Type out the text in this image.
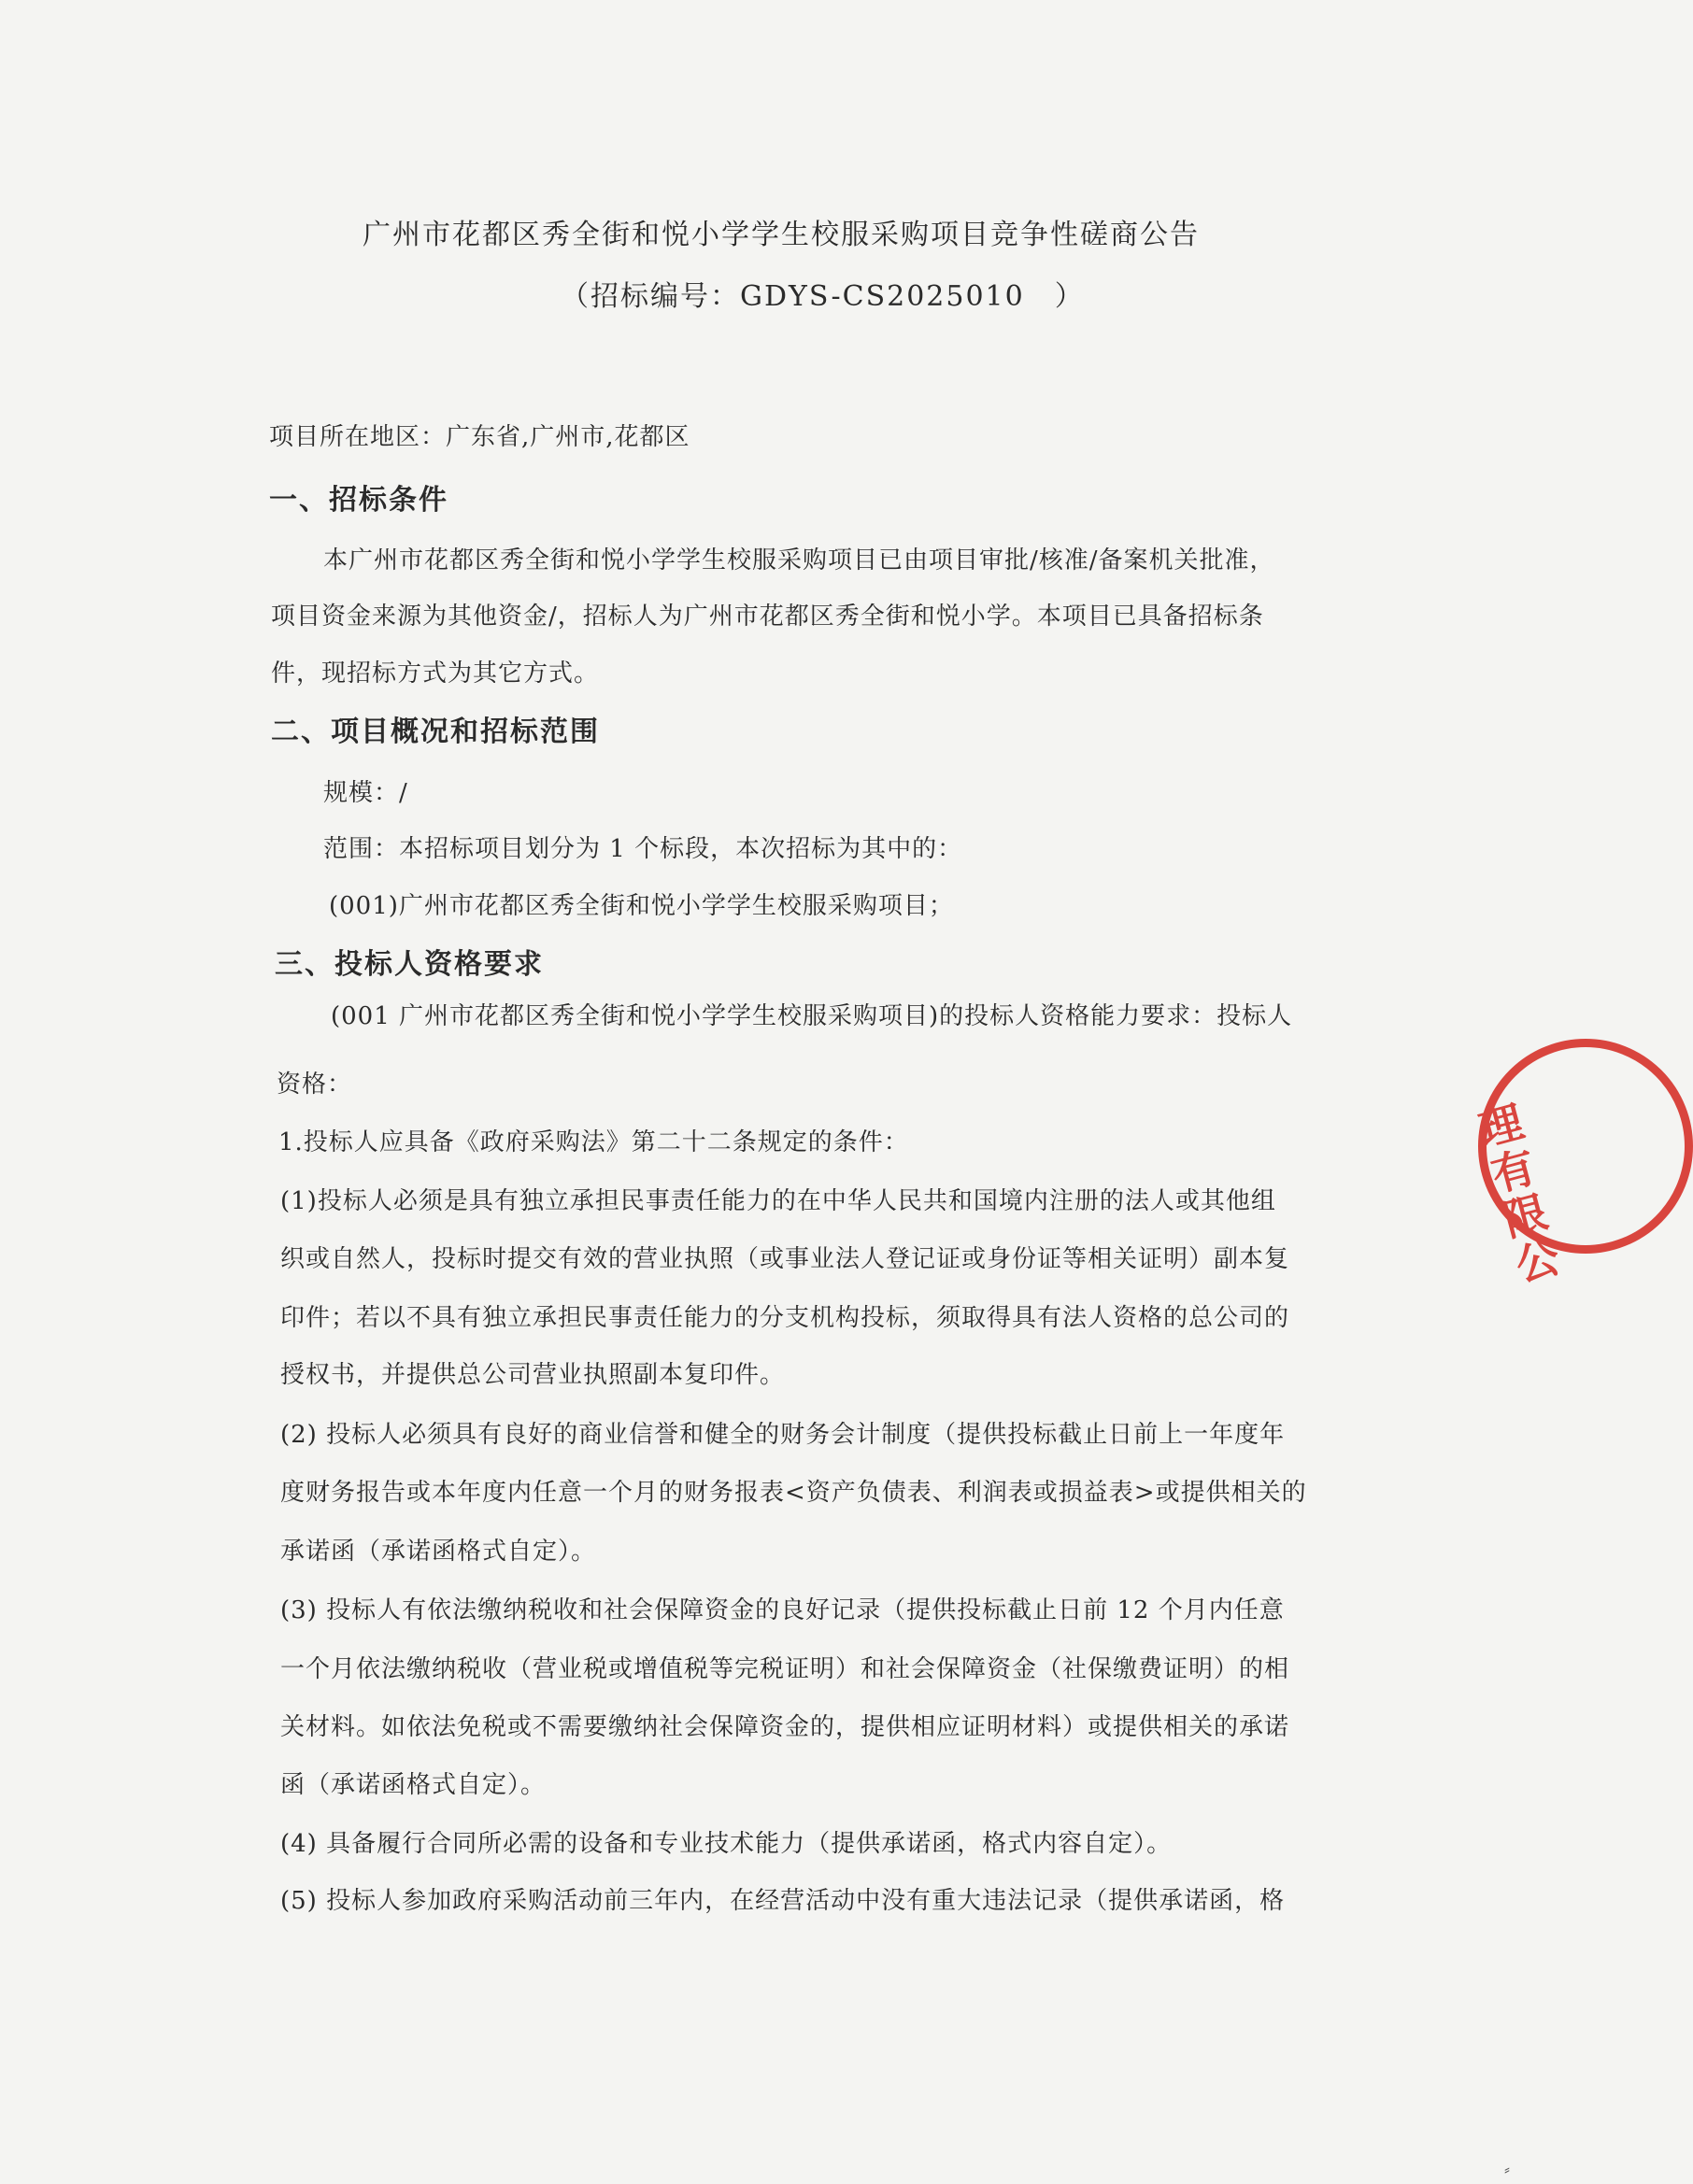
广州市花都区秀全街和悦小学学生校服采购项目竞争性磋商公告
（招标编号：GDYS-CS2025010　）
项目所在地区：广东省,广州市,花都区
一、招标条件
本广州市花都区秀全街和悦小学学生校服采购项目已由项目审批/核准/备案机关批准，
项目资金来源为其他资金/，招标人为广州市花都区秀全街和悦小学。本项目已具备招标条
件，现招标方式为其它方式。
二、项目概况和招标范围
规模：/
范围：本招标项目划分为 1 个标段，本次招标为其中的：
(001)广州市花都区秀全街和悦小学学生校服采购项目；
三、投标人资格要求
(001 广州市花都区秀全街和悦小学学生校服采购项目)的投标人资格能力要求：投标人
资格：
1.投标人应具备《政府采购法》第二十二条规定的条件：
(1)投标人必须是具有独立承担民事责任能力的在中华人民共和国境内注册的法人或其他组
织或自然人，投标时提交有效的营业执照（或事业法人登记证或身份证等相关证明）副本复
印件；若以不具有独立承担民事责任能力的分支机构投标，须取得具有法人资格的总公司的
授权书，并提供总公司营业执照副本复印件。
(2) 投标人必须具有良好的商业信誉和健全的财务会计制度（提供投标截止日前上一年度年
度财务报告或本年度内任意一个月的财务报表<资产负债表、利润表或损益表>或提供相关的
承诺函（承诺函格式自定）。
(3) 投标人有依法缴纳税收和社会保障资金的良好记录（提供投标截止日前 12 个月内任意
一个月依法缴纳税收（营业税或增值税等完税证明）和社会保障资金（社保缴费证明）的相
关材料。如依法免税或不需要缴纳社会保障资金的，提供相应证明材料）或提供相关的承诺
函（承诺函格式自定）。
(4) 具备履行合同所必需的设备和专业技术能力（提供承诺函，格式内容自定）。
(5) 投标人参加政府采购活动前三年内，在经营活动中没有重大违法记录（提供承诺函，格
理有限公
⸗
